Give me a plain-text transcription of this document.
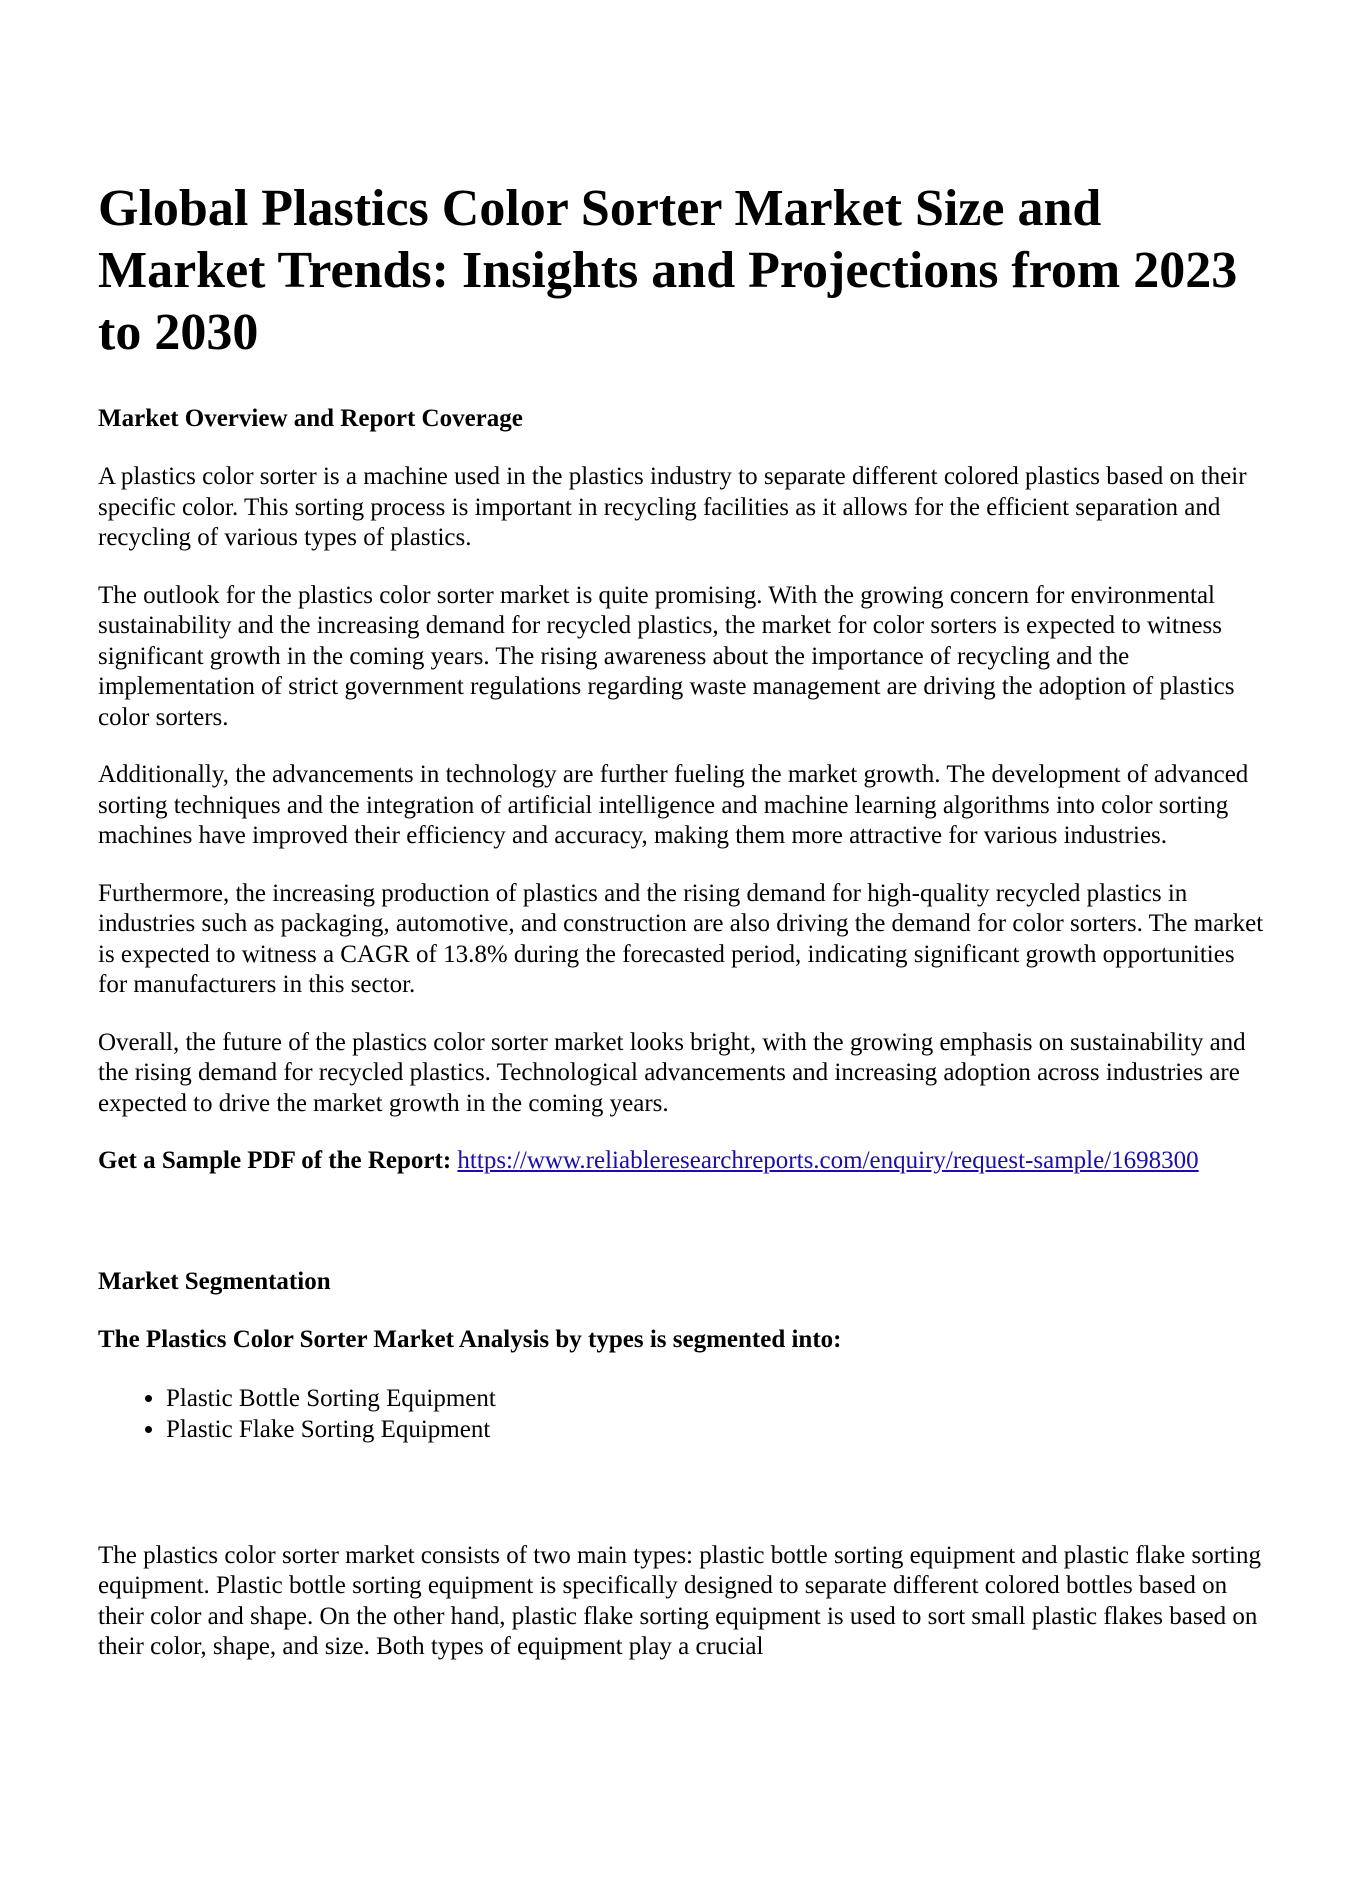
Global Plastics Color Sorter Market Size and Market Trends: Insights and Projections from 2023 to 2030
Market Overview and Report Coverage

A plastics color sorter is a machine used in the plastics industry to separate different colored plastics based on their specific color. This sorting process is important in recycling facilities as it allows for the efficient separation and recycling of various types of plastics.

The outlook for the plastics color sorter market is quite promising. With the growing concern for environmental sustainability and the increasing demand for recycled plastics, the market for color sorters is expected to witness significant growth in the coming years. The rising awareness about the importance of recycling and the implementation of strict government regulations regarding waste management are driving the adoption of plastics color sorters.

Additionally, the advancements in technology are further fueling the market growth. The development of advanced sorting techniques and the integration of artificial intelligence and machine learning algorithms into color sorting machines have improved their efficiency and accuracy, making them more attractive for various industries.

Furthermore, the increasing production of plastics and the rising demand for high-quality recycled plastics in industries such as packaging, automotive, and construction are also driving the demand for color sorters. The market is expected to witness a CAGR of 13.8% during the forecasted period, indicating significant growth opportunities for manufacturers in this sector.

Overall, the future of the plastics color sorter market looks bright, with the growing emphasis on sustainability and the rising demand for recycled plastics. Technological advancements and increasing adoption across industries are expected to drive the market growth in the coming years.

Get a Sample PDF of the Report: https://www.reliableresearchreports.com/enquiry/request-sample/1698300
Market Segmentation
The Plastics Color Sorter Market Analysis by types is segmented into:
• Plastic Bottle Sorting Equipment
• Plastic Flake Sorting Equipment

The plastics color sorter market consists of two main types: plastic bottle sorting equipment and plastic flake sorting equipment. Plastic bottle sorting equipment is specifically designed to separate different colored bottles based on their color and shape. On the other hand, plastic flake sorting equipment is used to sort small plastic flakes based on their color, shape, and size. Both types of equipment play a crucial
